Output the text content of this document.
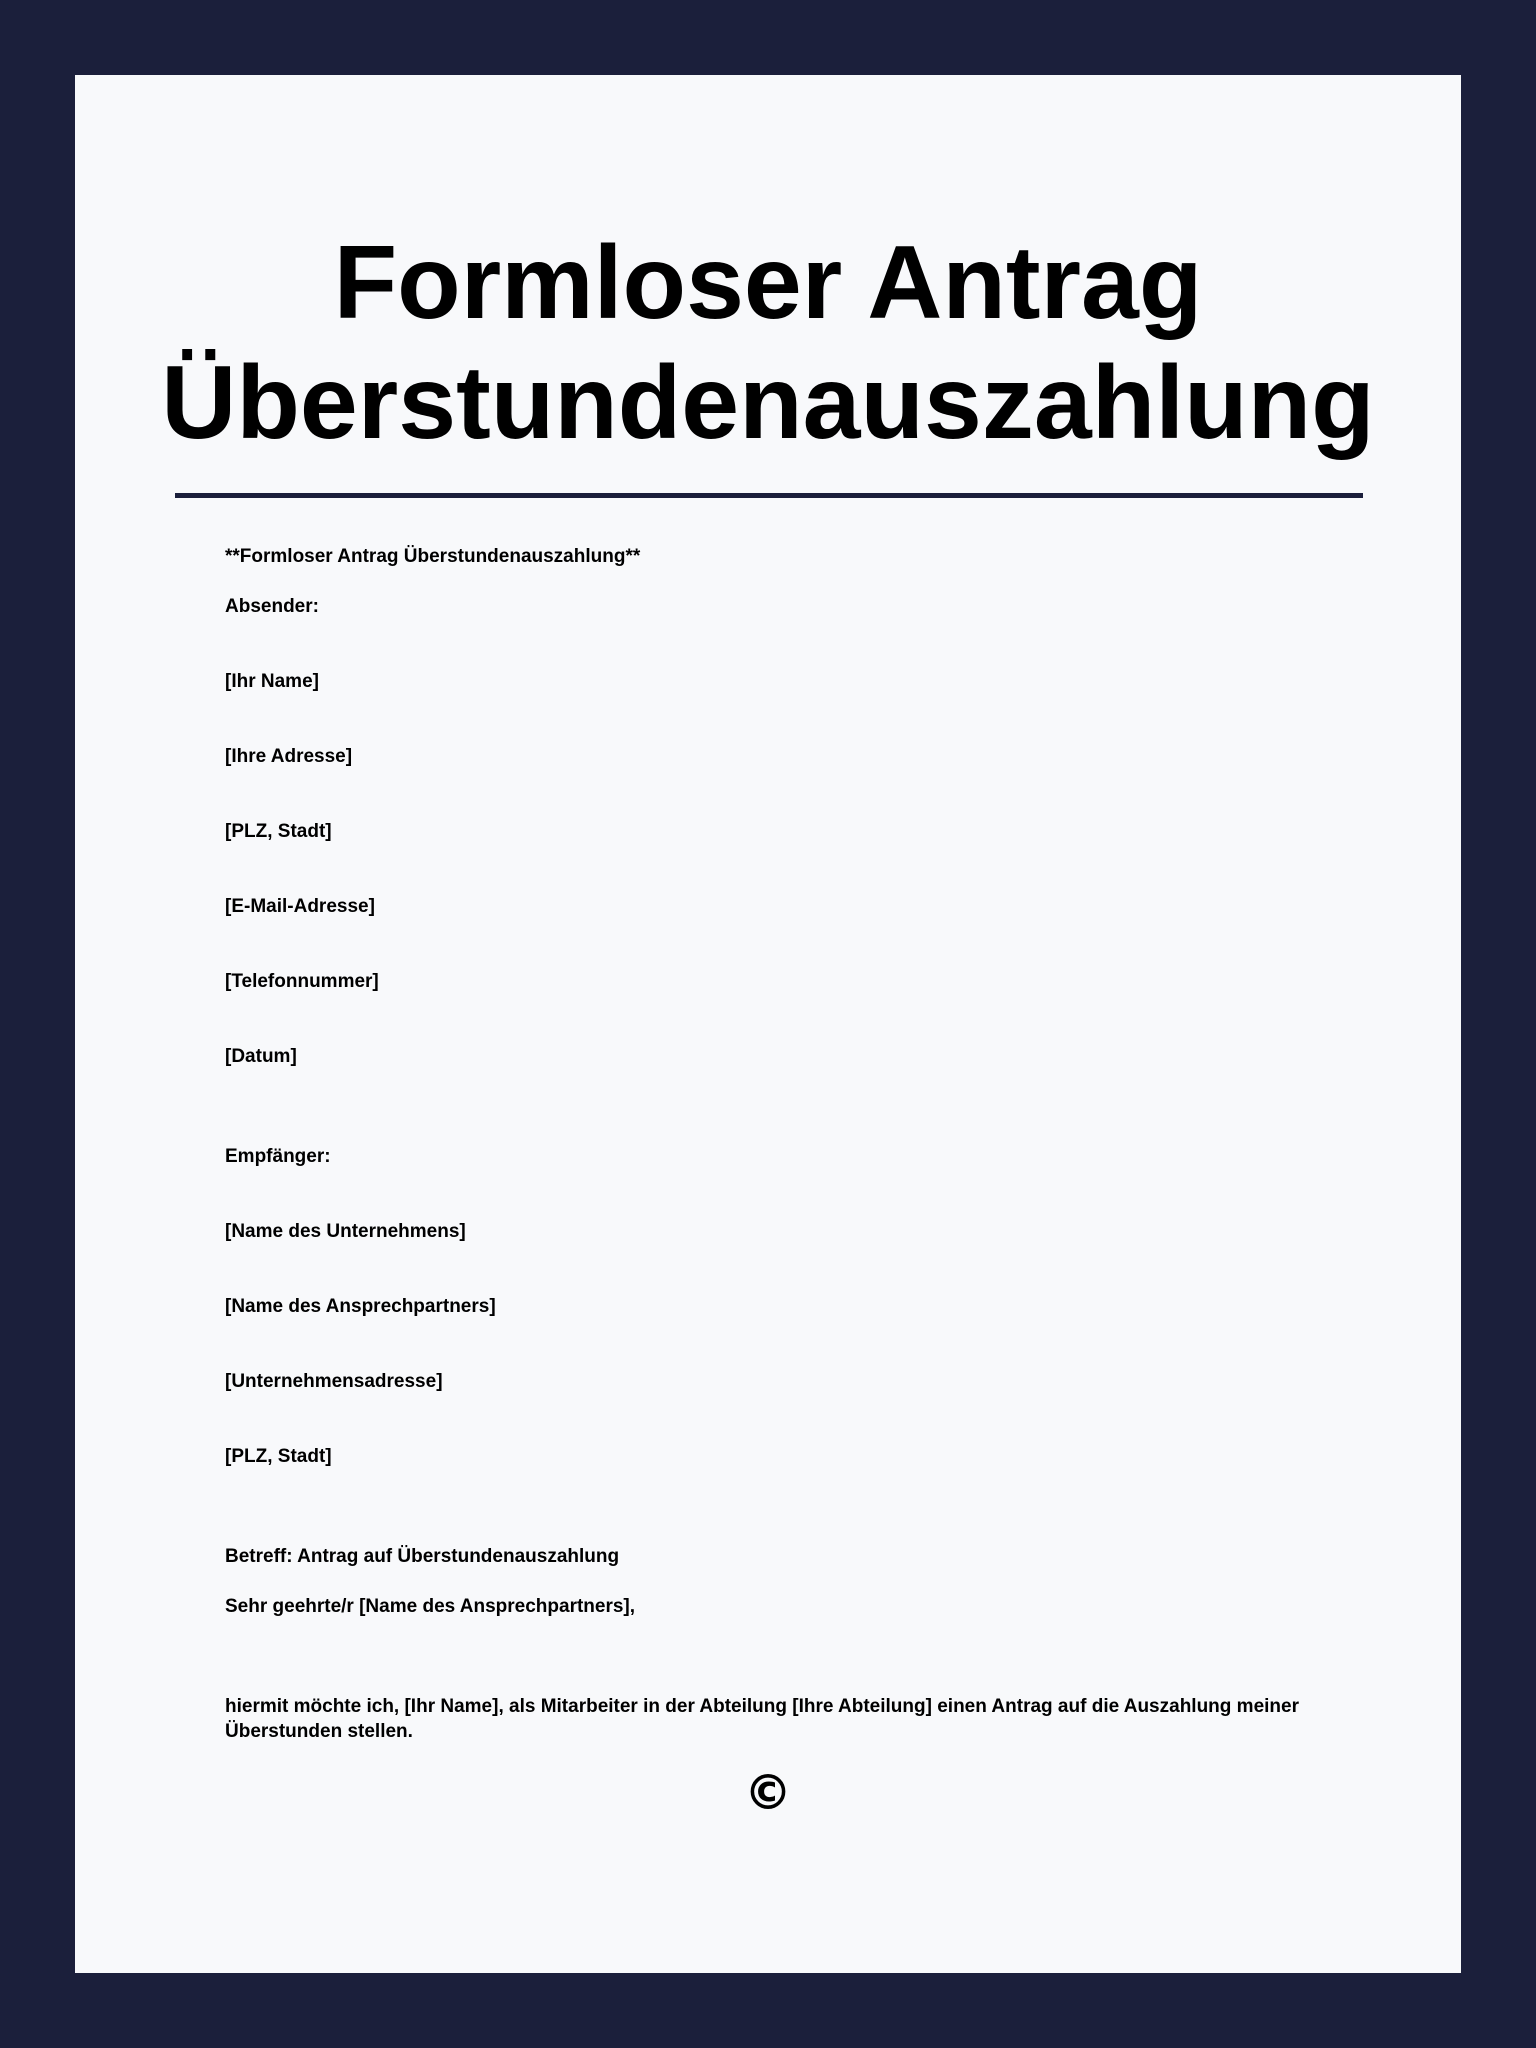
Formloser Antrag
Überstundenauszahlung

**Formloser Antrag Überstundenauszahlung**

Absender:

[Ihr Name]

[Ihre Adresse]

[PLZ, Stadt]

[E-Mail-Adresse]

[Telefonnummer]

[Datum]

Empfänger:

[Name des Unternehmens]

[Name des Ansprechpartners]

[Unternehmensadresse]

[PLZ, Stadt]

Betreff: Antrag auf Überstundenauszahlung

Sehr geehrte/r [Name des Ansprechpartners],

hiermit möchte ich, [Ihr Name], als Mitarbeiter in der Abteilung [Ihre Abteilung] einen Antrag auf die Auszahlung meiner Überstunden stellen.

©
